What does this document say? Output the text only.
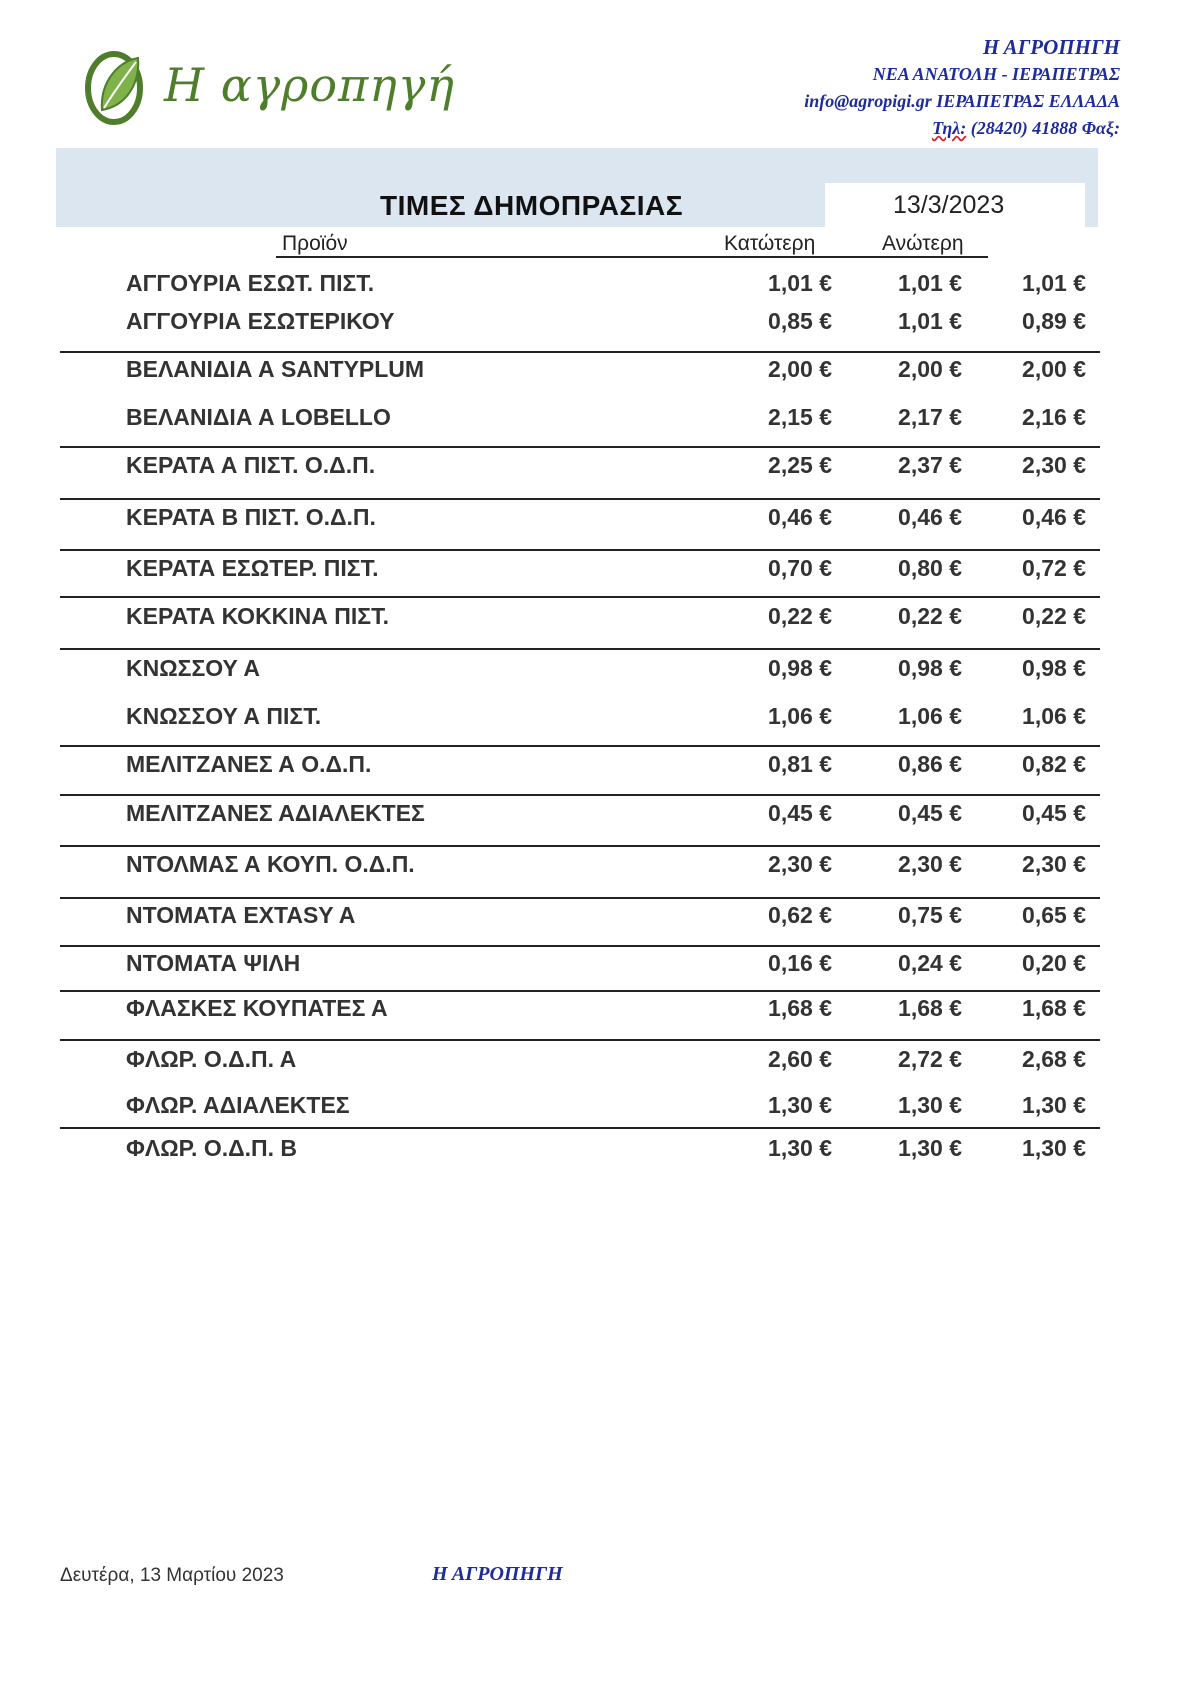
Η αγροπηγή
Η ΑΓΡΟΠΗΓΗ
ΝΕΑ ΑΝΑΤΟΛΗ - ΙΕΡΑΠΕΤΡΑΣ
info@agropigi.gr ΙΕΡΑΠΕΤΡΑΣ ΕΛΛΑΔΑ
Τηλ: (28420) 41888 Φαξ:
ΤΙΜΕΣ ΔΗΜΟΠΡΑΣΙΑΣ	13/3/2023
Προϊόν	Κατώτερη	Ανώτερη
ΑΓΓΟΥΡΙΑ ΕΣΩΤ. ΠΙΣΤ.	1,01 €	1,01 €	1,01 €
ΑΓΓΟΥΡΙΑ ΕΣΩΤΕΡΙΚΟΥ	0,85 €	1,01 €	0,89 €
ΒΕΛΑΝΙΔΙΑ Α SANTYPLUM	2,00 €	2,00 €	2,00 €
ΒΕΛΑΝΙΔΙΑ Α LOBELLO	2,15 €	2,17 €	2,16 €
ΚΕΡΑΤΑ Α ΠΙΣΤ. Ο.Δ.Π.	2,25 €	2,37 €	2,30 €
ΚΕΡΑΤΑ Β ΠΙΣΤ. Ο.Δ.Π.	0,46 €	0,46 €	0,46 €
ΚΕΡΑΤΑ ΕΣΩΤΕΡ. ΠΙΣΤ.	0,70 €	0,80 €	0,72 €
ΚΕΡΑΤΑ ΚΟΚΚΙΝΑ ΠΙΣΤ.	0,22 €	0,22 €	0,22 €
ΚΝΩΣΣΟΥ Α	0,98 €	0,98 €	0,98 €
ΚΝΩΣΣΟΥ Α ΠΙΣΤ.	1,06 €	1,06 €	1,06 €
ΜΕΛΙΤΖΑΝΕΣ Α Ο.Δ.Π.	0,81 €	0,86 €	0,82 €
ΜΕΛΙΤΖΑΝΕΣ ΑΔΙΑΛΕΚΤΕΣ	0,45 €	0,45 €	0,45 €
ΝΤΟΛΜΑΣ Α ΚΟΥΠ. Ο.Δ.Π.	2,30 €	2,30 €	2,30 €
ΝΤΟΜΑΤΑ EXTASY A	0,62 €	0,75 €	0,65 €
ΝΤΟΜΑΤΑ ΨΙΛΗ	0,16 €	0,24 €	0,20 €
ΦΛΑΣΚΕΣ ΚΟΥΠΑΤΕΣ Α	1,68 €	1,68 €	1,68 €
ΦΛΩΡ. Ο.Δ.Π. Α	2,60 €	2,72 €	2,68 €
ΦΛΩΡ. ΑΔΙΑΛΕΚΤΕΣ	1,30 €	1,30 €	1,30 €
ΦΛΩΡ. Ο.Δ.Π. Β	1,30 €	1,30 €	1,30 €
Δευτέρα, 13 Μαρτίου 2023	Η ΑΓΡΟΠΗΓΗ
